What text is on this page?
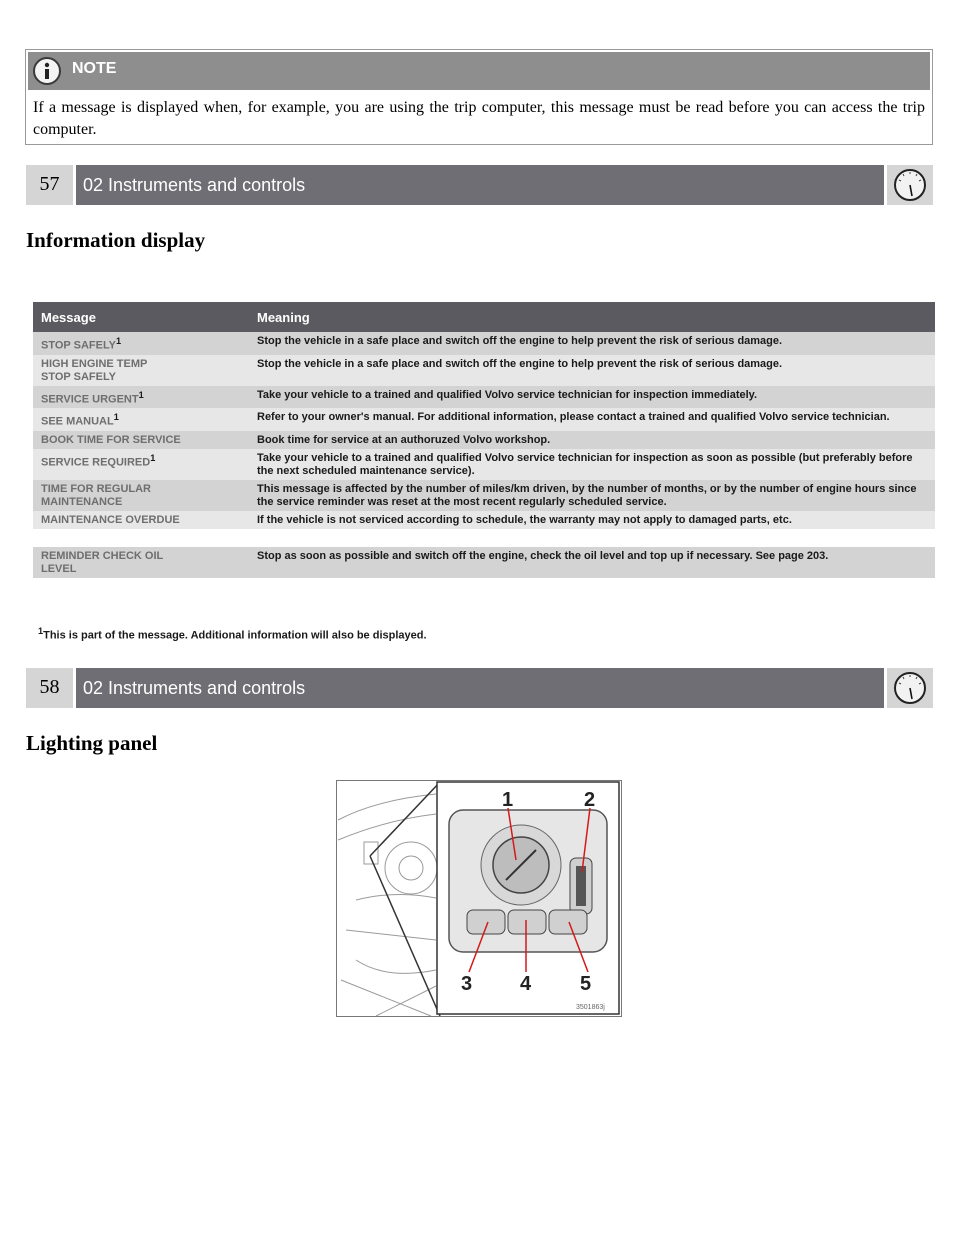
NOTE
If a message is displayed when, for example, you are using the trip computer, this message must be read before you can access the trip computer.
57	02 Instruments and controls
Information display
Message	Meaning
STOP SAFELY$^1$	Stop the vehicle in a safe place and switch off the engine to help prevent the risk of serious damage.
HIGH ENGINE TEMP
STOP SAFELY	Stop the vehicle in a safe place and switch off the engine to help prevent the risk of serious damage.
SERVICE URGENT$^1$	Take your vehicle to a trained and qualified Volvo service technician for inspection immediately.
SEE MANUAL$^1$	Refer to your owner's manual. For additional information, please contact a trained and qualified Volvo service technician.
BOOK TIME FOR SERVICE	Book time for service at an authoruzed Volvo workshop.
SERVICE REQUIRED$^1$	Take your vehicle to a trained and qualified Volvo service technician for inspection as soon as possible (but preferably before the next scheduled maintenance service).
TIME FOR REGULAR
MAINTENANCE	This message is affected by the number of miles/km driven, by the number of months, or by the number of engine hours since the service reminder was reset at the most recent regularly scheduled service.
MAINTENANCE OVERDUE	If the vehicle is not serviced according to schedule, the warranty may not apply to damaged parts, etc.

REMINDER CHECK OIL
LEVEL	Stop as soon as possible and switch off the engine, check the oil level and top up if necessary. See page 203.
$^1$This is part of the message. Additional information will also be displayed.
58	02 Instruments and controls
Lighting panel
1	2
3 4 5
3501863j
